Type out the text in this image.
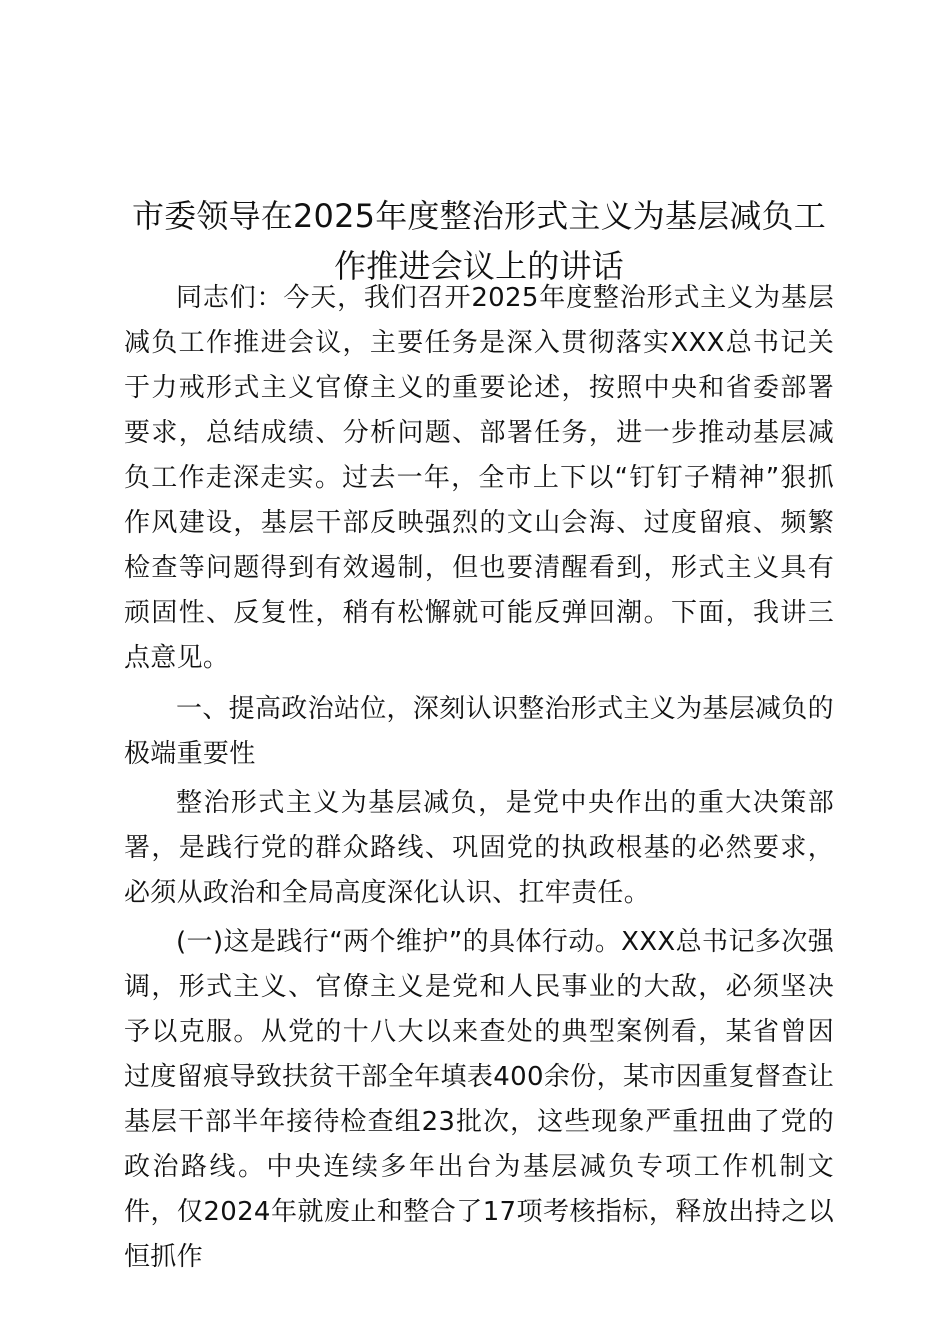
市委领导在2025年度整治形式主义为基层减负工作推进会议上的讲话

同志们：今天，我们召开2025年度整治形式主义为基层减负工作推进会议，主要任务是深入贯彻落实XXX总书记关于力戒形式主义官僚主义的重要论述，按照中央和省委部署要求，总结成绩、分析问题、部署任务，进一步推动基层减负工作走深走实。过去一年，全市上下以“钉钉子精神”狠抓作风建设，基层干部反映强烈的文山会海、过度留痕、频繁检查等问题得到有效遏制，但也要清醒看到，形式主义具有顽固性、反复性，稍有松懈就可能反弹回潮。下面，我讲三点意见。

一、提高政治站位，深刻认识整治形式主义为基层减负的极端重要性

整治形式主义为基层减负，是党中央作出的重大决策部署，是践行党的群众路线、巩固党的执政根基的必然要求，必须从政治和全局高度深化认识、扛牢责任。

(一)这是践行“两个维护”的具体行动。XXX总书记多次强调，形式主义、官僚主义是党和人民事业的大敌，必须坚决予以克服。从党的十八大以来查处的典型案例看，某省曾因过度留痕导致扶贫干部全年填表400余份，某市因重复督查让基层干部半年接待检查组23批次，这些现象严重扭曲了党的政治路线。中央连续多年出台为基层减负专项工作机制文件，仅2024年就废止和整合了17项考核指标，释放出持之以恒抓作
